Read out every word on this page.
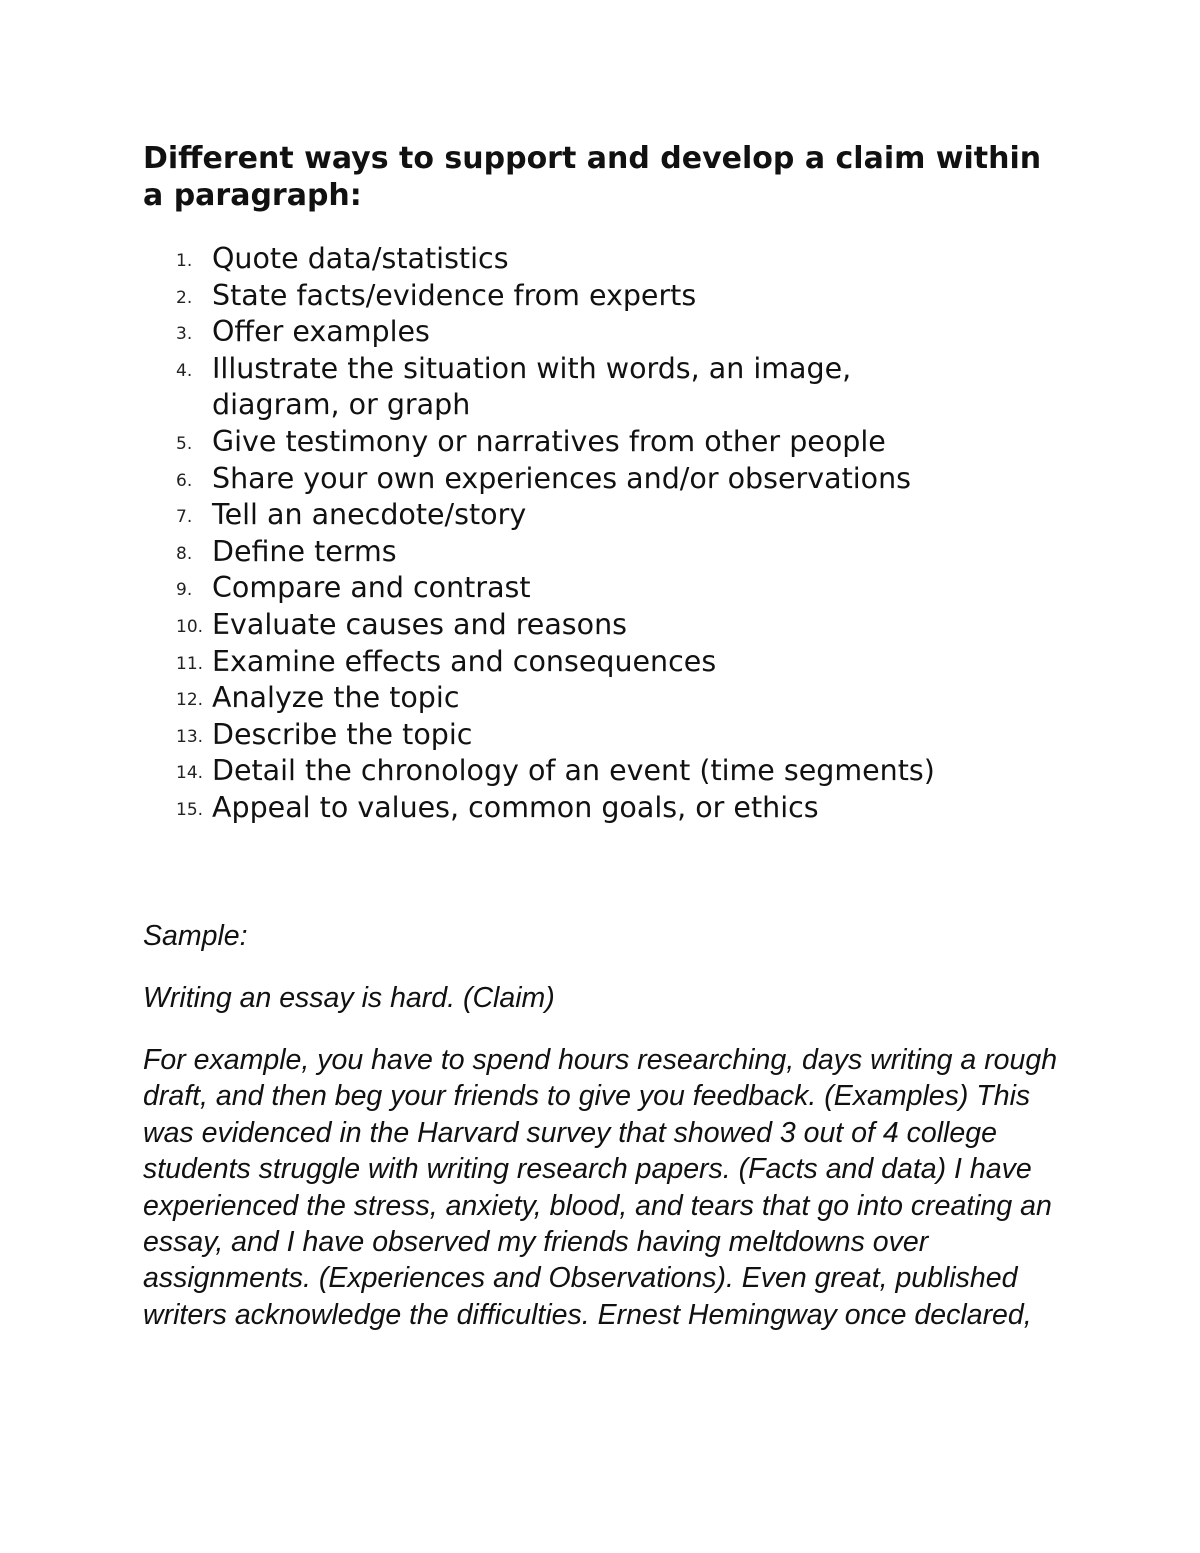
Different ways to support and develop a claim within a paragraph:
1. Quote data/statistics
2. State facts/evidence from experts
3. Offer examples
4. Illustrate the situation with words, an image, diagram, or graph
5. Give testimony or narratives from other people
6. Share your own experiences and/or observations
7. Tell an anecdote/story
8. Define terms
9. Compare and contrast
10. Evaluate causes and reasons
11. Examine effects and consequences
12. Analyze the topic
13. Describe the topic
14. Detail the chronology of an event (time segments)
15. Appeal to values, common goals, or ethics

Sample:

Writing an essay is hard. (Claim)

For example, you have to spend hours researching, days writing a rough draft, and then beg your friends to give you feedback. (Examples) This was evidenced in the Harvard survey that showed 3 out of 4 college students struggle with writing research papers. (Facts and data) I have experienced the stress, anxiety, blood, and tears that go into creating an essay, and I have observed my friends having meltdowns over assignments. (Experiences and Observations). Even great, published writers acknowledge the difficulties. Ernest Hemingway once declared,
